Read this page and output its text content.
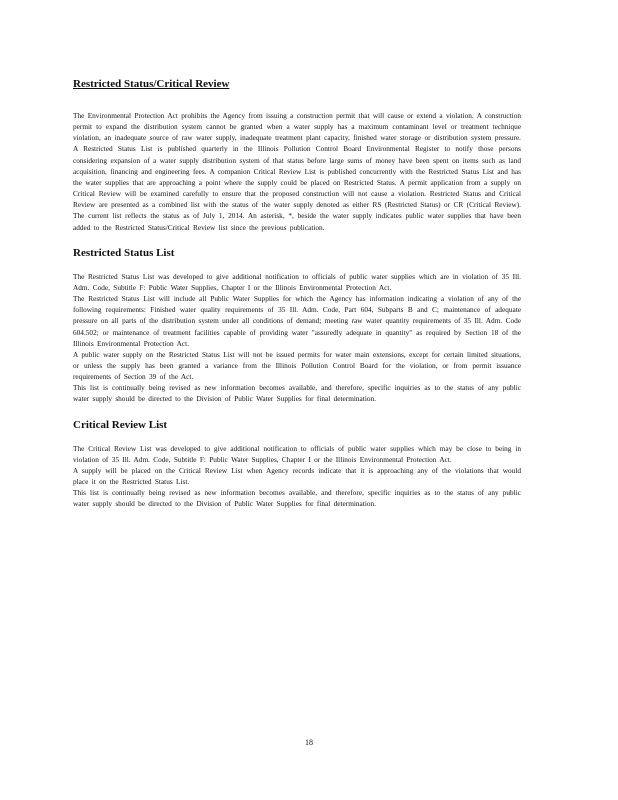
Restricted Status/Critical Review

The Environmental Protection Act prohibits the Agency from issuing a construction permit that will cause or extend a violation. A construction permit to expand the distribution system cannot be granted when a water supply has a maximum contaminant level or treatment technique violation, an inadequate source of raw water supply, inadequate treatment plant capacity, finished water storage or distribution system pressure. A Restricted Status List is published quarterly in the Illinois Pollution Control Board Environmental Register to notify those persons considering expansion of a water supply distribution system of that status before large sums of money have been spent on items such as land acquisition, financing and engineering fees. A companion Critical Review List is published concurrently with the Restricted Status List and has the water supplies that are approaching a point where the supply could be placed on Restricted Status. A permit application from a supply on Critical Review will be examined carefully to ensure that the proposed construction will not cause a violation. Restricted Status and Critical Review are presented as a combined list with the status of the water supply denoted as either RS (Restricted Status) or CR (Critical Review). The current list reflects the status as of July 1, 2014. An asterisk, *, beside the water supply indicates public water supplies that have been added to the Restricted Status/Critical Review list since the previous publication.

Restricted Status List

The Restricted Status List was developed to give additional notification to officials of public water supplies which are in violation of 35 Ill. Adm. Code, Subtitle F: Public Water Supplies, Chapter I or the Illinois Environmental Protection Act.

The Restricted Status List will include all Public Water Supplies for which the Agency has information indicating a violation of any of the following requirements: Finished water quality requirements of 35 Ill. Adm. Code, Part 604, Subparts B and C; maintenance of adequate pressure on all parts of the distribution system under all conditions of demand; meeting raw water quantity requirements of 35 Ill. Adm. Code 604.502; or maintenance of treatment facilities capable of providing water "assuredly adequate in quantity" as required by Section 18 of the Illinois Environmental Protection Act.

A public water supply on the Restricted Status List will not be issued permits for water main extensions, except for certain limited situations, or unless the supply has been granted a variance from the Illinois Pollution Control Board for the violation, or from permit issuance requirements of Section 39 of the Act.

This list is continually being revised as new information becomes available, and therefore, specific inquiries as to the status of any public water supply should be directed to the Division of Public Water Supplies for final determination.

Critical Review List

The Critical Review List was developed to give additional notification to officials of public water supplies which may be close to being in violation of 35 Ill. Adm. Code, Subtitle F: Public Water Supplies, Chapter I or the Illinois Environmental Protection Act.

A supply will be placed on the Critical Review List when Agency records indicate that it is approaching any of the violations that would place it on the Restricted Status List.

This list is continually being revised as new information becomes available, and therefore, specific inquiries as to the status of any public water supply should be directed to the Division of Public Water Supplies for final determination.

18
